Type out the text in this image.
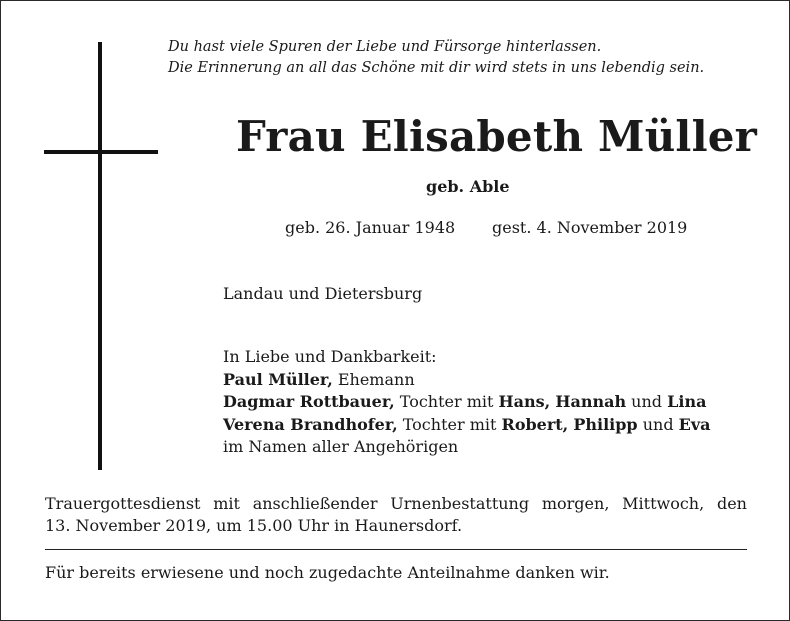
Du hast viele Spuren der Liebe und Fürsorge hinterlassen.
Die Erinnerung an all das Schöne mit dir wird stets in uns lebendig sein.
Frau Elisabeth Müller
geb. Able
geb. 26. Januar 1948 gest. 4. November 2019
Landau und Dietersburg
In Liebe und Dankbarkeit:
Paul Müller, Ehemann
Dagmar Rottbauer, Tochter mit Hans, Hannah und Lina
Verena Brandhofer, Tochter mit Robert, Philipp und Eva
im Namen aller Angehörigen
Trauergottesdienst mit anschließender Urnenbestattung morgen, Mittwoch, den
13. November 2019, um 15.00 Uhr in Haunersdorf.
Für bereits erwiesene und noch zugedachte Anteilnahme danken wir.
